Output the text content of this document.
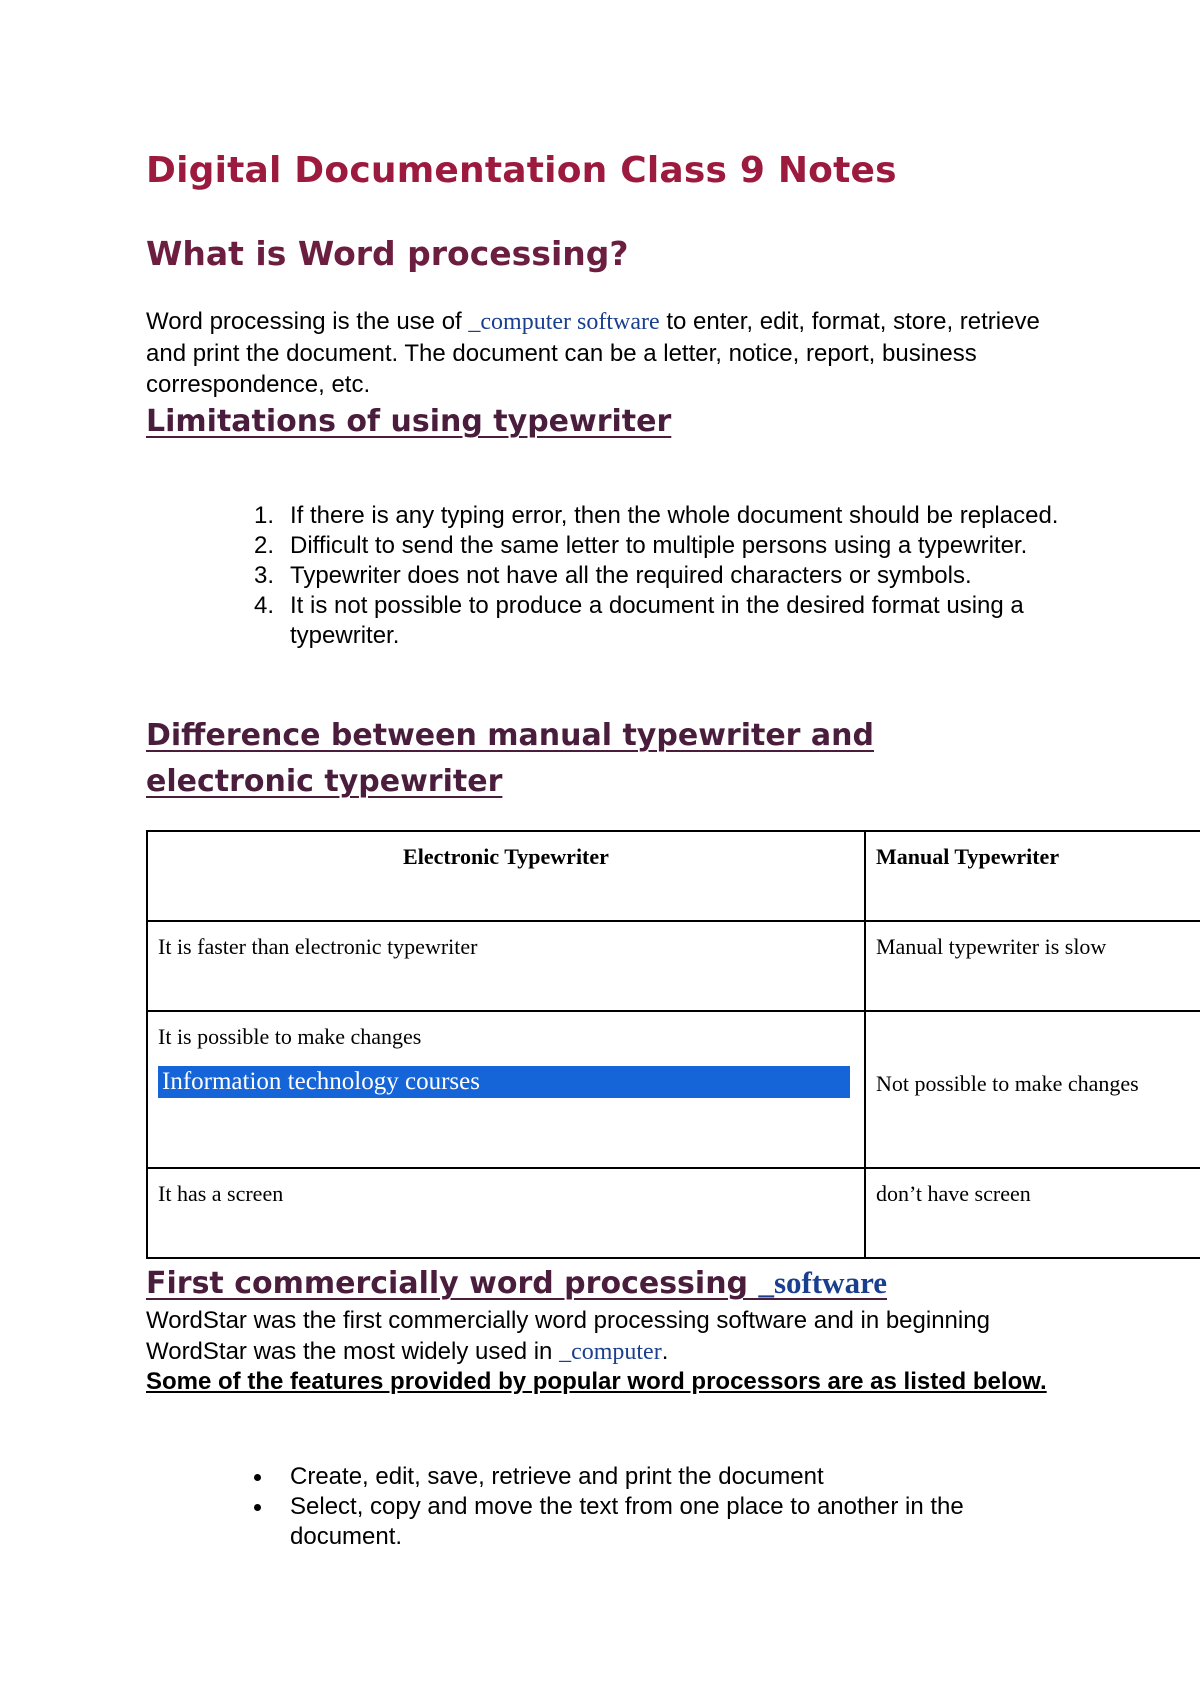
Digital Documentation Class 9 Notes
What is Word processing?

Word processing is the use of _computer software to enter, edit, format, store, retrieve and print the document. The document can be a letter, notice, report, business correspondence, etc.

Limitations of using typewriter
1. If there is any typing error, then the whole document should be replaced.
2. Difficult to send the same letter to multiple persons using a typewriter.
3. Typewriter does not have all the required characters or symbols.
4. It is not possible to produce a document in the desired format using a typewriter.
Difference between manual typewriter and electronic typewriter
Electronic Typewriter	Manual Typewriter
It is faster than electronic typewriter	Manual typewriter is slow
It is possible to make changes
Information technology courses	Not possible to make changes
It has a screen	don’t have screen
First commercially word processing _software

WordStar was the first commercially word processing software and in beginning WordStar was the most widely used in _computer.

Some of the features provided by popular word processors are as listed below.

Create, edit, save, retrieve and print the document
Select, copy and move the text from one place to another in the document.
